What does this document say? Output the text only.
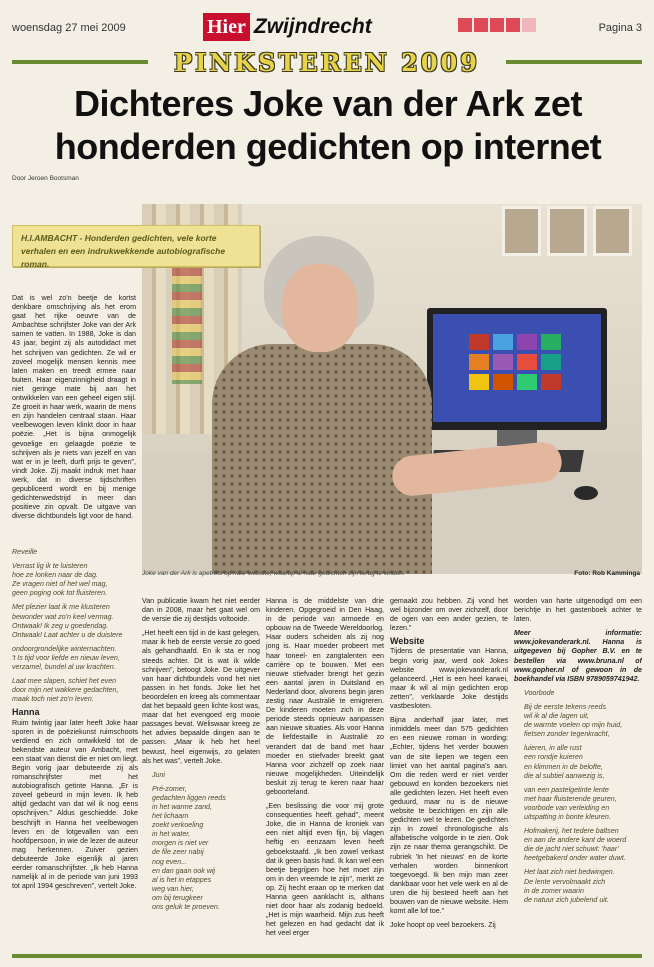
woensdag 27 mei 2009	Hier Zwijndrecht	Pagina 3
PINKSTEREN 2009
Dichteres Joke van der Ark zet honderden gedichten op internet
Door Jeroen Bootsman
Joke van der Ark is apetrots op haar website, waarop al haar gedichten zijn terug te vinden.	Foto: Rob Kamminga
H.I.AMBACHT - Honderden gedichten, vele korte verhalen en een indrukwekkende autobiografische roman.

Dat is wel zo'n beetje de kortst denkbare omschrijving als het erom gaat het rijke oeuvre van de Ambachtse schrijfster Joke van der Ark samen te vatten. In 1988, Joke is dan 43 jaar, begint zij als autodidact met het schrijven van gedichten. Ze wil er zoveel mogelijk mensen kennis mee laten maken en treedt ermee naar buiten. Haar eigenzinnigheid draagt in niet geringe mate bij aan het ontwikkelen van een geheel eigen stijl. Ze groeit in haar werk, waarin de mens en zijn handelen centraal staan. Haar veelbewogen leven klinkt door in haar poëzie. „Het is bijna onmogelijk gevoelige en gelaagde poëzie te schrijven als je niets van jezelf en van wat er in je leeft, durft prijs te geven", vindt Joke. Zij maakt indruk met haar werk, dat in diverse tijdschriften gepubliceerd wordt en bij menige gedichtenwedstrijd in meer dan positieve zin opvalt. De uitgave van diverse dichtbundels ligt voor de hand.

Reveille

Verrast lig ik te luisteren

hoe ze lonken naar de dag.

Ze vragen niet of het wel mag,

geen poging ook tot fluisteren.

Met plezier laat ik me klusteren

bewonder wat zo'n keel vermag.

Ontwaak! Ik zeg u goedendag.

Ontwaak! Laat achter u de duistere

ondoorgrondelijke winternachten.

't Is tijd voor liefde en nieuw leven,

verzamel, bundel al uw krachten.

Laat mee slapen, schiet het even

door mijn net wakkere gedachten,

maak toch niet zo'n leven.

Hanna

Ruim twintig jaar later heeft Joke haar sporen in de poëziekunst ruimschoots verdiend en zich ontwikkeld tot de bekendste auteur van Ambacht, met een staat van dienst die er niet om liegt. Begin vorig jaar debuteerde zij als romanschrijfster met het autobiografisch getinte Hanna. „Er is zoveel gebeurd in mijn leven. Ik heb altijd gedacht van dat wil ik nog eens opschrijven." Aldus geschiedde. Joke beschrijft in Hanna het veelbewogen leven en de lotgevallen van een hoofdpersoon, in wie de lezer de auteur mag herkennen. Zuiver gezien debuteerde Joke eigenlijk al jaren eerder romanschrijfster. „Ik heb Hanna namelijk al in de periode van juni 1993 tot april 1994 geschreven", vertelt Joke.

Van publicatie kwam het niet eerder dan in 2008, maar het gaat wel om de versie die zij destijds voltooide.

„Het heeft een tijd in de kast gelegen, maar ik heb de eerste versie zo goed als gehandhaafd. En ik sta er nog steeds achter. Dit is wat ik wilde schrijven", betoogt Joke. De uitgever van haar dichtbundels vond het niet passen in het fonds. Joke liet het beoordelen en kreeg als commentaar dat het bepaald geen lichte kost was, maar dat het evengoed erg mooie passages bevat. Weliswaar kreeg ze het advies bepaalde dingen aan te passen. „Maar ik heb het heel bewust, heel eigenwijs, zo gelaten als het was", vertelt Joke.

Juni

Pré-zomer,

gedachten liggen reeds

in het warme zand,

het lichaam

zoekt verkoeling

in het water,

morgen is niet ver

de file zeer nabij

nog even...

en dan gaan ook wij

al is het in etappes

weg van hier,

om bij terugkeer

ons geluk te proeven.

Hanna is de middelste van drie kinderen. Opgegroeid in Den Haag, in de periode van armoede en opbouw na de Tweede Wereldoorlog. Haar ouders scheiden als zij nog jong is. Haar moeder probeert met haar toneel- en zangtalenten een carrière op te bouwen. Met een nieuwe stiefvader brengt het gezin een aantal jaren in Duitsland en Nederland door, alvorens begin jaren zestig naar Australië te emigreren. De kinderen moeten zich in deze periode steeds opnieuw aanpassen aan nieuwe situaties. Als voor Hanna de liefdestaille in Australië zo verandert dat de band met haar moeder en stiefvader breekt gaat Hanna voor zichzelf op zoek naar nieuwe mogelijkheden. Uiteindelijk besluit zij terug te keren naar haar geboorteland.

„Een beslissing die voor mij grote consequenties heeft gehad", meent Joke, die in Hanna de kroniek van een niet altijd even fijn, bij vlagen heftig en eenzaam leven heeft geboekstaafd. „Ik ben zowel verkast dat ik geen basis had. Ik kan wel een beetje begrijpen hoe het moet zijn om in den vreemde te zijn", merkt ze op. Zij hecht eraan op te merken dat Hanna geen aanklacht is, althans niet door haar als zodanig bedoeld. „Het is mijn waarheid. Mijn zus heeft het gelezen en had gedacht dat ik het veel erger

gemaakt zou hebben. Zij vond het wel bijzonder om over zichzelf, door de ogen van een ander gezien, te lezen."

Website

Tijdens de presentatie van Hanna, begin vorig jaar, werd ook Jokes website www.jokevanderark.nl gelanceerd. „Het is een heel karwei, maar ik wil al mijn gedichten erop zetten", verklaarde Joke destijds vastbesloten.

Bijna anderhalf jaar later, met inmiddels meer dan 575 gedichten en een nieuwe roman in wording: „Echter, tijdens het verder bouwen van de site liepen we tegen een limiet van het aantal pagina's aan. Om die reden werd er niet verder gebouwd en konden bezoekers niet alle gedichten lezen. Het heeft even geduurd, maar nu is de nieuwe website te bezichtigen en zijn alle gedichten wel te lezen. De gedichten zijn in zowel chronologische als alfabetische volgorde in te zien. Ook zijn ze naar thema gerangschikt. De rubriek 'In het nieuws' en de korte verhalen worden binnenkort toegevoegd. Ik ben mijn man zeer dankbaar voor het vele werk en al de uren die hij besteed heeft aan het bouwen van de nieuwe website. Hem komt alle lof toe."

Joke hoopt op veel bezoekers. Zij

worden van harte uitgenodigd om een berichtje in het gastenboek achter te laten.

Meer informatie: www.jokevanderark.nl. Hanna is uitgegeven bij Gopher B.V. en te bestellen via www.bruna.nl of www.gopher.nl of gewoon in de boekhandel via ISBN 9789059741942.

Voorbode

Bij de eerste tekens reeds

wil ik al die lagen uit,

de warmte voelen op mijn huid,

fietsen zonder tegenkracht,

luieren, in alle rust

een rondje kuieren

en klimmen in de belofte,

die al subtiel aanwezig is,

van een pastelgetinte lente

met haar fluisterende geuren,

voorbode van verleiding en

uitspatting in bonte kleuren.

Hofmakerij, het tedere baltsen

en aan de andere kant de woerd

die de jacht niet schuwt: 'haar'

heetgebakerd onder water duwt.

Het laat zich niet bedwingen.

De lente vervolmaakt zich

in de zomer waarin

de natuur zich jubelend uit.
